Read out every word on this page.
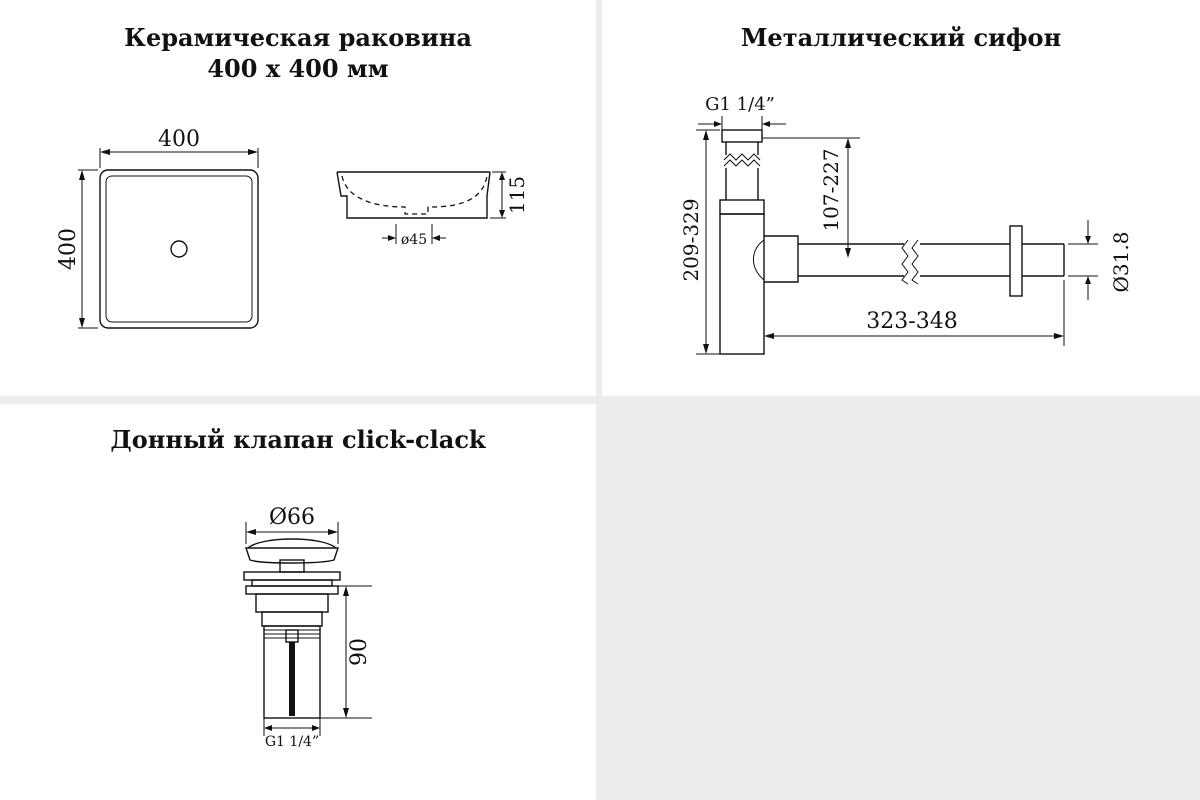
Керамическая раковина
400 x 400 мм
400
400
115
ø45
Металлический сифон
G1 1/4”
209-329
107-227
323-348
Ø31.8
Донный клапан click-clack
Ø66
90
G1 1/4”
